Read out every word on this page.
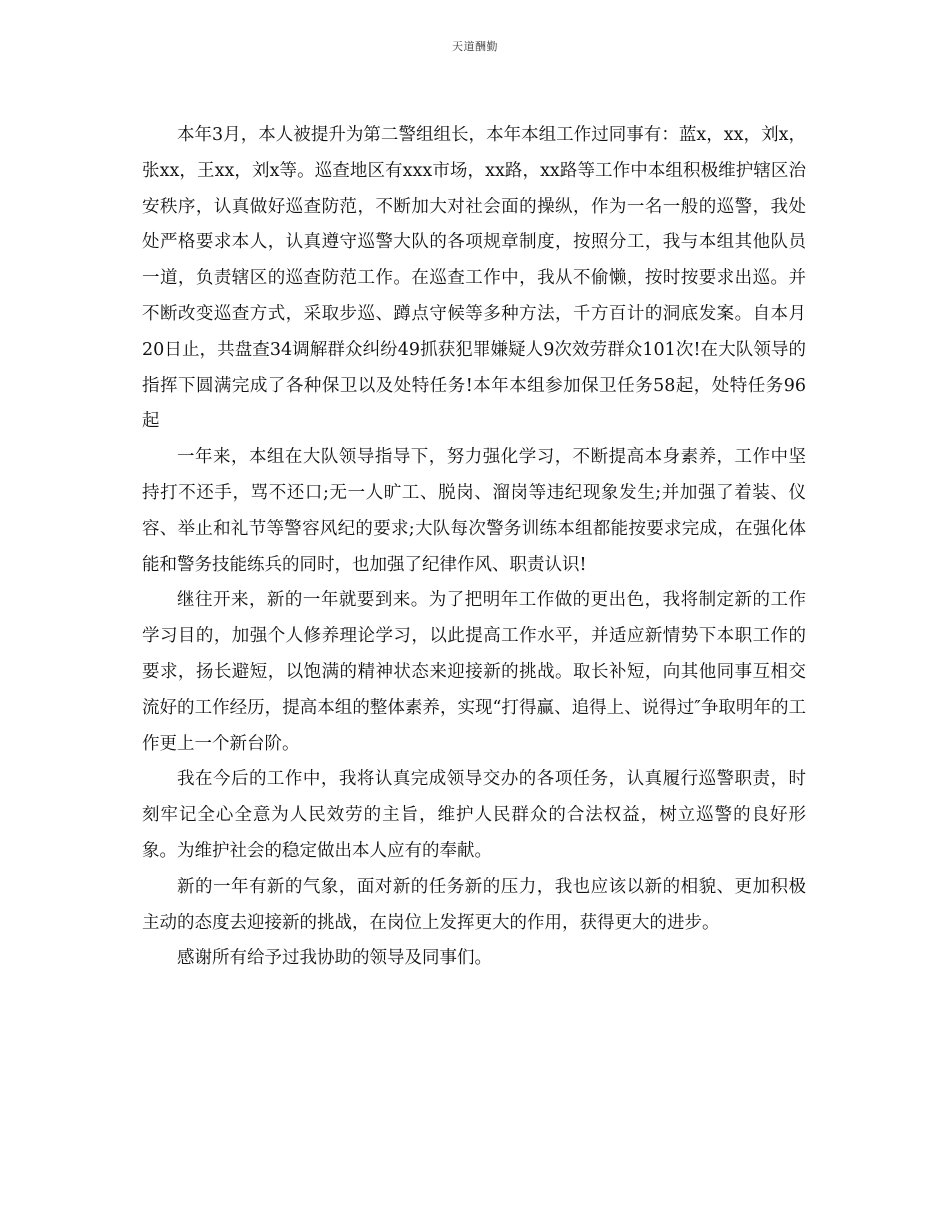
天道酬勤

本年3月，本人被提升为第二警组组长，本年本组工作过同事有：蓝x，xx，刘x，张xx，王xx，刘x等。巡查地区有xxx市场，xx路，xx路等工作中本组积极维护辖区治安秩序，认真做好巡查防范，不断加大对社会面的操纵，作为一名一般的巡警，我处处严格要求本人，认真遵守巡警大队的各项规章制度，按照分工，我与本组其他队员一道，负责辖区的巡查防范工作。在巡查工作中，我从不偷懒，按时按要求出巡。并不断改变巡查方式，采取步巡、蹲点守候等多种方法，千方百计的洞底发案。自本月20日止，共盘查34调解群众纠纷49抓获犯罪嫌疑人9次效劳群众101次!在大队领导的指挥下圆满完成了各种保卫以及处特任务!本年本组参加保卫任务58起，处特任务96起

一年来，本组在大队领导指导下，努力强化学习，不断提高本身素养，工作中坚持打不还手，骂不还口;无一人旷工、脱岗、溜岗等违纪现象发生;并加强了着装、仪容、举止和礼节等警容风纪的要求;大队每次警务训练本组都能按要求完成，在强化体能和警务技能练兵的同时，也加强了纪律作风、职责认识!

继往开来，新的一年就要到来。为了把明年工作做的更出色，我将制定新的工作学习目的，加强个人修养理论学习，以此提高工作水平，并适应新情势下本职工作的要求，扬长避短，以饱满的精神状态来迎接新的挑战。取长补短，向其他同事互相交流好的工作经历，提高本组的整体素养，实现“打得赢、追得上、说得过″争取明年的工作更上一个新台阶。

我在今后的工作中，我将认真完成领导交办的各项任务，认真履行巡警职责，时刻牢记全心全意为人民效劳的主旨，维护人民群众的合法权益，树立巡警的良好形象。为维护社会的稳定做出本人应有的奉献。

新的一年有新的气象，面对新的任务新的压力，我也应该以新的相貌、更加积极主动的态度去迎接新的挑战，在岗位上发挥更大的作用，获得更大的进步。

感谢所有给予过我协助的领导及同事们。
